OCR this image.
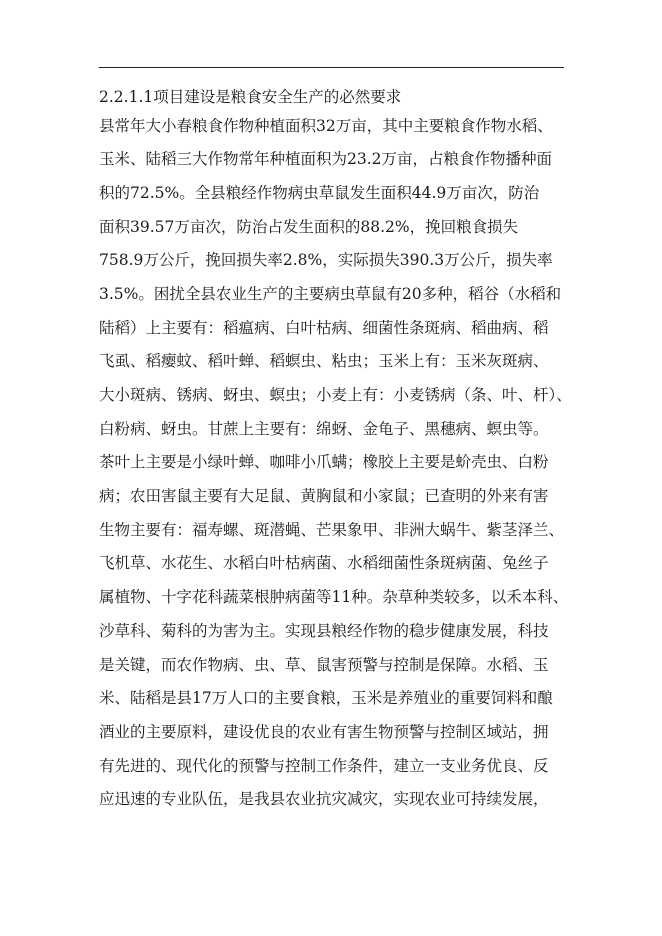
2.2.1.1项目建设是粮食安全生产的必然要求
县常年大小春粮食作物种植面积32万亩，其中主要粮食作物水稻、
玉米、陆稻三大作物常年种植面积为23.2万亩，占粮食作物播种面
积的72.5%。全县粮经作物病虫草鼠发生面积44.9万亩次，防治
面积39.57万亩次，防治占发生面积的88.2%，挽回粮食损失
758.9万公斤，挽回损失率2.8%，实际损失390.3万公斤，损失率
3.5%。困扰全县农业生产的主要病虫草鼠有20多种，稻谷（水稻和
陆稻）上主要有：稻瘟病、白叶枯病、细菌性条斑病、稻曲病、稻
飞虱、稻瘿蚊、稻叶蝉、稻螟虫、粘虫；玉米上有：玉米灰斑病、
大小斑病、锈病、蚜虫、螟虫；小麦上有：小麦锈病（条、叶、杆）、
白粉病、蚜虫。甘蔗上主要有：绵蚜、金龟子、黑穗病、螟虫等。
茶叶上主要是小绿叶蝉、咖啡小爪螨；橡胶上主要是蚧壳虫、白粉
病；农田害鼠主要有大足鼠、黄胸鼠和小家鼠；已查明的外来有害
生物主要有：福寿螺、斑潜蝇、芒果象甲、非洲大蜗牛、紫茎泽兰、
飞机草、水花生、水稻白叶枯病菌、水稻细菌性条斑病菌、兔丝子
属植物、十字花科蔬菜根肿病菌等11种。杂草种类较多，以禾本科、
沙草科、菊科的为害为主。实现县粮经作物的稳步健康发展，科技
是关键，而农作物病、虫、草、鼠害预警与控制是保障。水稻、玉
米、陆稻是县17万人口的主要食粮，玉米是养殖业的重要饲料和酿
酒业的主要原料，建设优良的农业有害生物预警与控制区域站，拥
有先进的、现代化的预警与控制工作条件，建立一支业务优良、反
应迅速的专业队伍，是我县农业抗灾减灾，实现农业可持续发展，
